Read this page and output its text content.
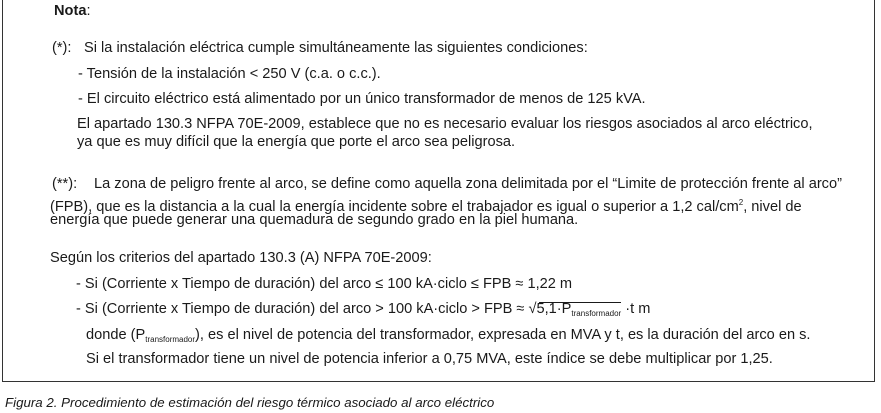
Nota:
(*): Si la instalación eléctrica cumple simultáneamente las siguientes condiciones:
- Tensión de la instalación < 250 V (c.a. o c.c.).
- El circuito eléctrico está alimentado por un único transformador de menos de 125 kVA.
El apartado 130.3 NFPA 70E-2009, establece que no es necesario evaluar los riesgos asociados al arco eléctrico,
ya que es muy difícil que la energía que porte el arco sea peligrosa.
(**): La zona de peligro frente al arco, se define como aquella zona delimitada por el “Limite de protección frente al arco”
(FPB), que es la distancia a la cual la energía incidente sobre el trabajador es igual o superior a 1,2 cal/$cm^2$, nivel de
energía que puede generar una quemadura de segundo grado en la piel humana.
Según los criterios del apartado 130.3 (A) NFPA 70E-2009:
- Si (Corriente x Tiempo de duración) del arco ≤ 100 kA·ciclo ≤ FPB ≈ 1,22 m
- Si (Corriente x Tiempo de duración) del arco > 100 kA·ciclo > FPB ≈
$√5,1\cdot P_{transformador} \cdot t$ m
donde $(P_{transformador})$, es el nivel de potencia del transformador, expresada en MVA y t, es la duración del arco en s.
Si el transformador tiene un nivel de potencia inferior a 0,75 MVA, este índice se debe multiplicar por 1,25.
Figura 2. Procedimiento de estimación del riesgo térmico asociado al arco eléctrico
